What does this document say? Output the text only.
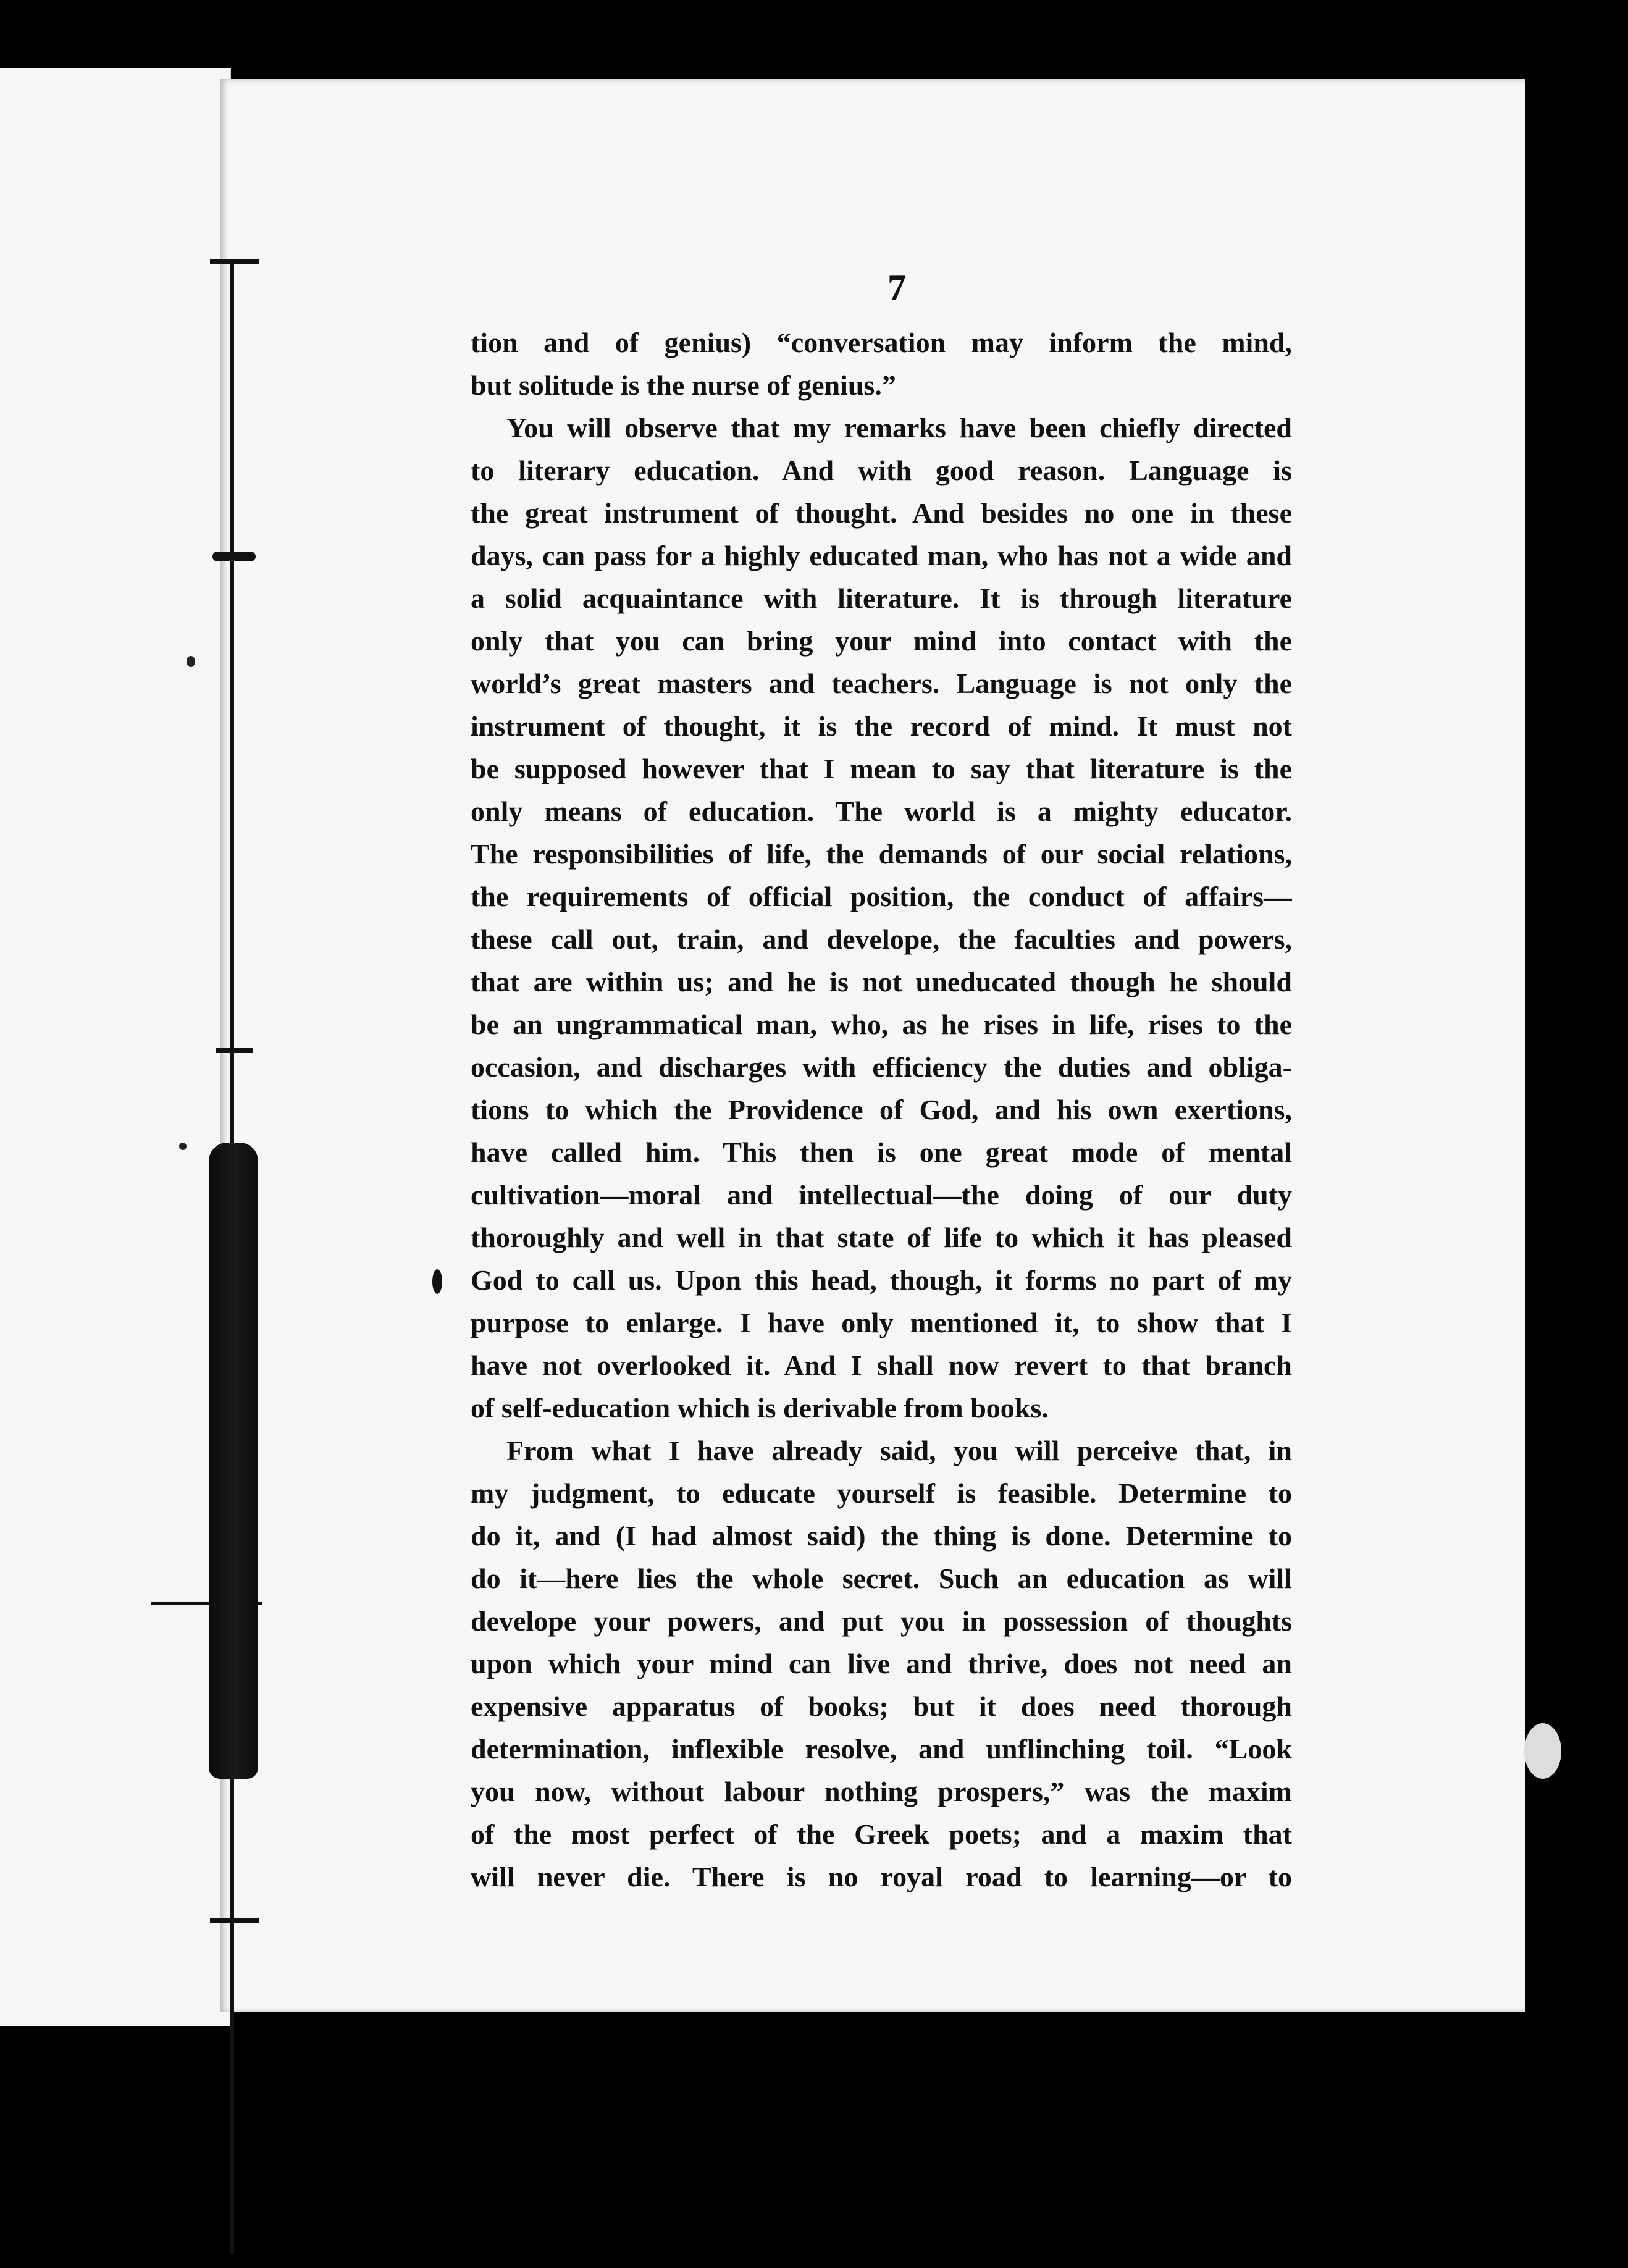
7
tion and of genius) “conversation may inform the mind,
but solitude is the nurse of genius.”
You will observe that my remarks have been chiefly directed
to literary education. And with good reason. Language is
the great instrument of thought. And besides no one in these
days, can pass for a highly educated man, who has not a wide and
a solid acquaintance with literature. It is through literature
only that you can bring your mind into contact with the
world’s great masters and teachers. Language is not only the
instrument of thought, it is the record of mind. It must not
be supposed however that I mean to say that literature is the
only means of education. The world is a mighty educator.
The responsibilities of life, the demands of our social relations,
the requirements of official position, the conduct of affairs—
these call out, train, and develope, the faculties and powers,
that are within us; and he is not uneducated though he should
be an ungrammatical man, who, as he rises in life, rises to the
occasion, and discharges with efficiency the duties and obliga-
tions to which the Providence of God, and his own exertions,
have called him. This then is one great mode of mental
cultivation—moral and intellectual—the doing of our duty
thoroughly and well in that state of life to which it has pleased
God to call us. Upon this head, though, it forms no part of my
purpose to enlarge. I have only mentioned it, to show that I
have not overlooked it. And I shall now revert to that branch
of self-education which is derivable from books.
From what I have already said, you will perceive that, in
my judgment, to educate yourself is feasible. Determine to
do it, and (I had almost said) the thing is done. Determine to
do it—here lies the whole secret. Such an education as will
develope your powers, and put you in possession of thoughts
upon which your mind can live and thrive, does not need an
expensive apparatus of books; but it does need thorough
determination, inflexible resolve, and unflinching toil. “Look
you now, without labour nothing prospers,” was the maxim
of the most perfect of the Greek poets; and a maxim that
will never die. There is no royal road to learning—or to
